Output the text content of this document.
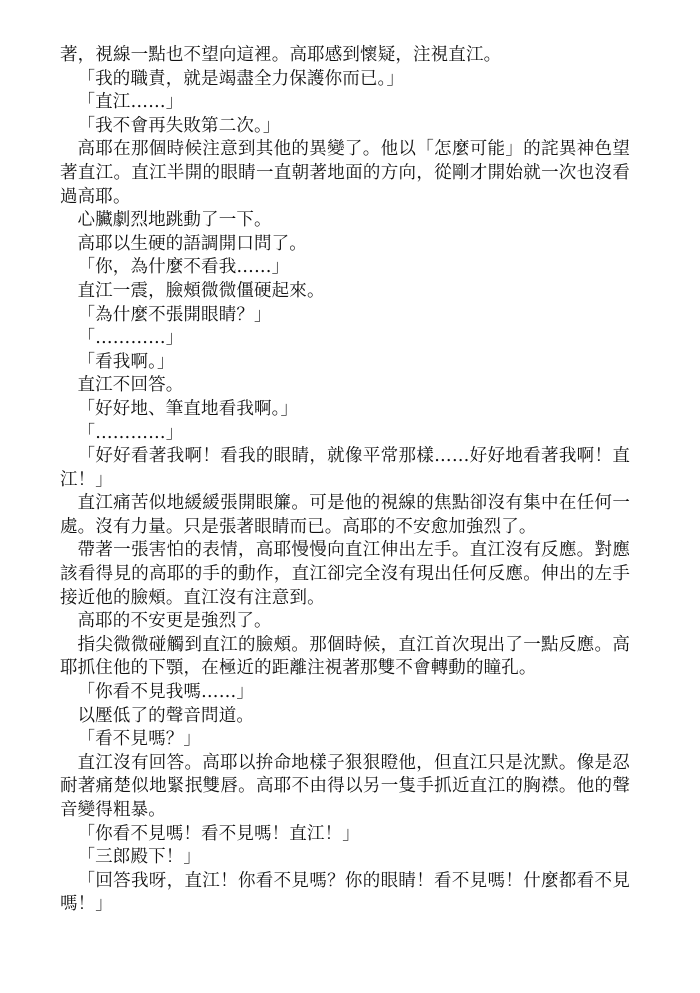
著，視線一點也不望向這裡。高耶感到懷疑，注視直江。

「我的職責，就是竭盡全力保護你而已。」

「直江……」

「我不會再失敗第二次。」

高耶在那個時候注意到其他的異變了。他以「怎麼可能」的詫異神色望著直江。直江半開的眼睛一直朝著地面的方向，從剛才開始就一次也沒看過高耶。

心臟劇烈地跳動了一下。

高耶以生硬的語調開口問了。

「你，為什麼不看我……」

直江一震，臉頰微微僵硬起來。

「為什麼不張開眼睛？」

「…………」

「看我啊。」

直江不回答。

「好好地、筆直地看我啊。」

「…………」

「好好看著我啊！看我的眼睛，就像平常那樣……好好地看著我啊！直江！」

直江痛苦似地緩緩張開眼簾。可是他的視線的焦點卻沒有集中在任何一處。沒有力量。只是張著眼睛而已。高耶的不安愈加強烈了。

帶著一張害怕的表情，高耶慢慢向直江伸出左手。直江沒有反應。對應該看得見的高耶的手的動作，直江卻完全沒有現出任何反應。伸出的左手接近他的臉頰。直江沒有注意到。

高耶的不安更是強烈了。

指尖微微碰觸到直江的臉頰。那個時候，直江首次現出了一點反應。高耶抓住他的下顎，在極近的距離注視著那雙不會轉動的瞳孔。

「你看不見我嗎……」

以壓低了的聲音問道。

「看不見嗎？」

直江沒有回答。高耶以拚命地樣子狠狠瞪他，但直江只是沈默。像是忍耐著痛楚似地緊抿雙唇。高耶不由得以另一隻手抓近直江的胸襟。他的聲音變得粗暴。

「你看不見嗎！看不見嗎！直江！」

「三郎殿下！」

「回答我呀，直江！你看不見嗎？你的眼睛！看不見嗎！什麼都看不見嗎！」
